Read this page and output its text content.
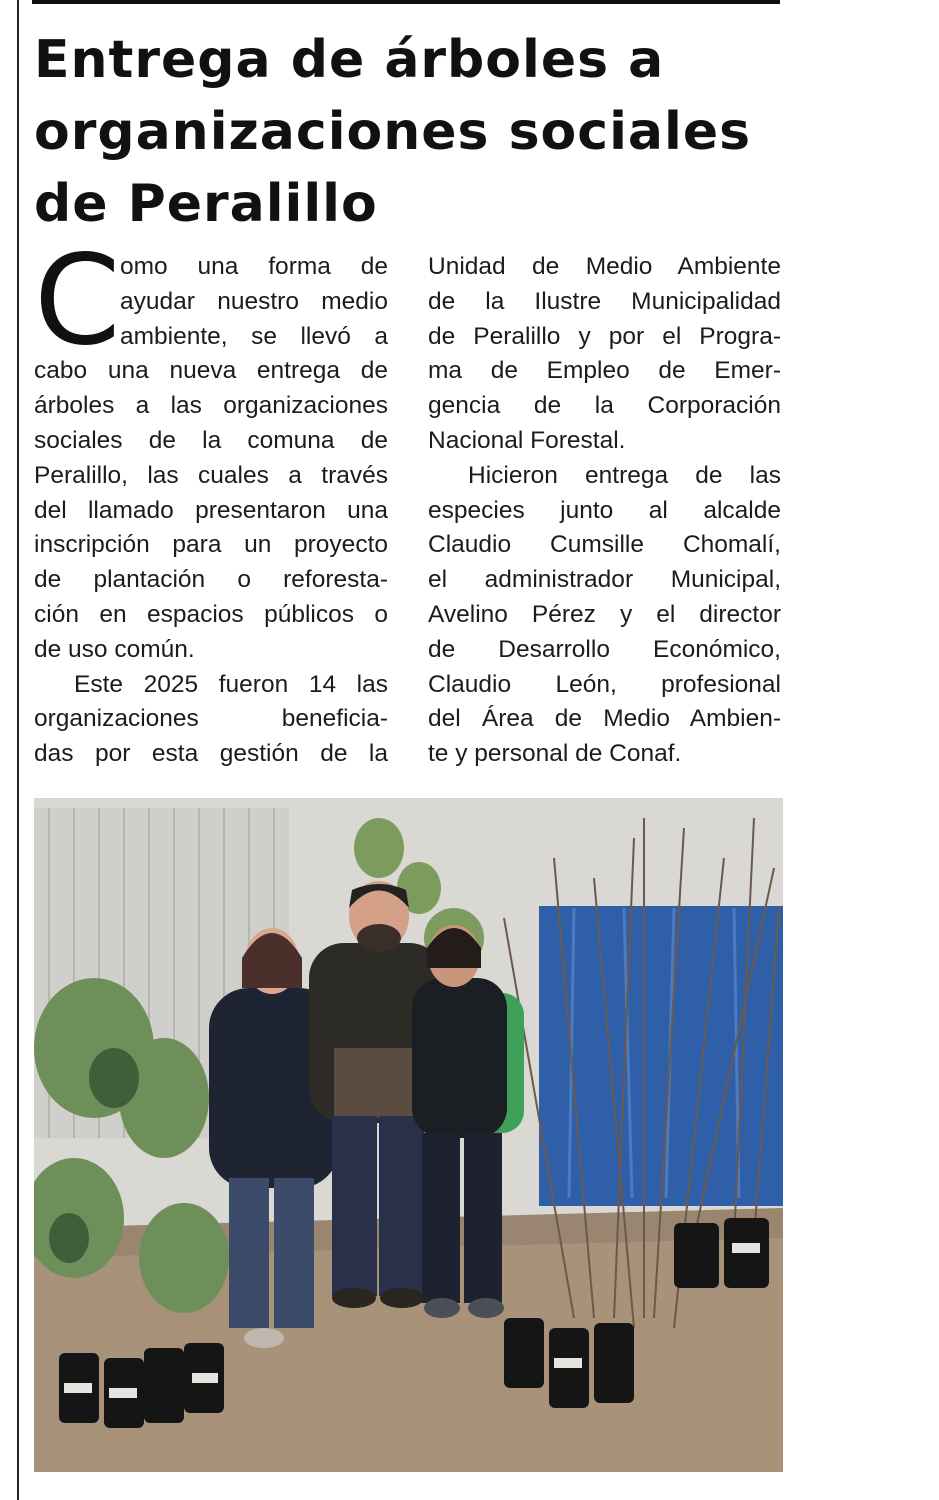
Entrega de árboles a
organizaciones sociales
de Peralillo
C omo una forma de
ayudar nuestro medio
ambiente, se llevó a
cabo una nueva entrega de
árboles a las organizaciones
sociales de la comuna de
Peralillo, las cuales a través
del llamado presentaron una
inscripción para un proyecto
de plantación o reforesta-
ción en espacios públicos o
de uso común.
Este 2025 fueron 14 las
organizaciones beneficia-
das por esta gestión de la
Unidad de Medio Ambiente
de la Ilustre Municipalidad
de Peralillo y por el Progra-
ma de Empleo de Emer-
gencia de la Corporación
Nacional Forestal.
Hicieron entrega de las
especies junto al alcalde
Claudio Cumsille Chomalí,
el administrador Municipal,
Avelino Pérez y el director
de Desarrollo Económico,
Claudio León, profesional
del Área de Medio Ambien-
te y personal de Conaf.
